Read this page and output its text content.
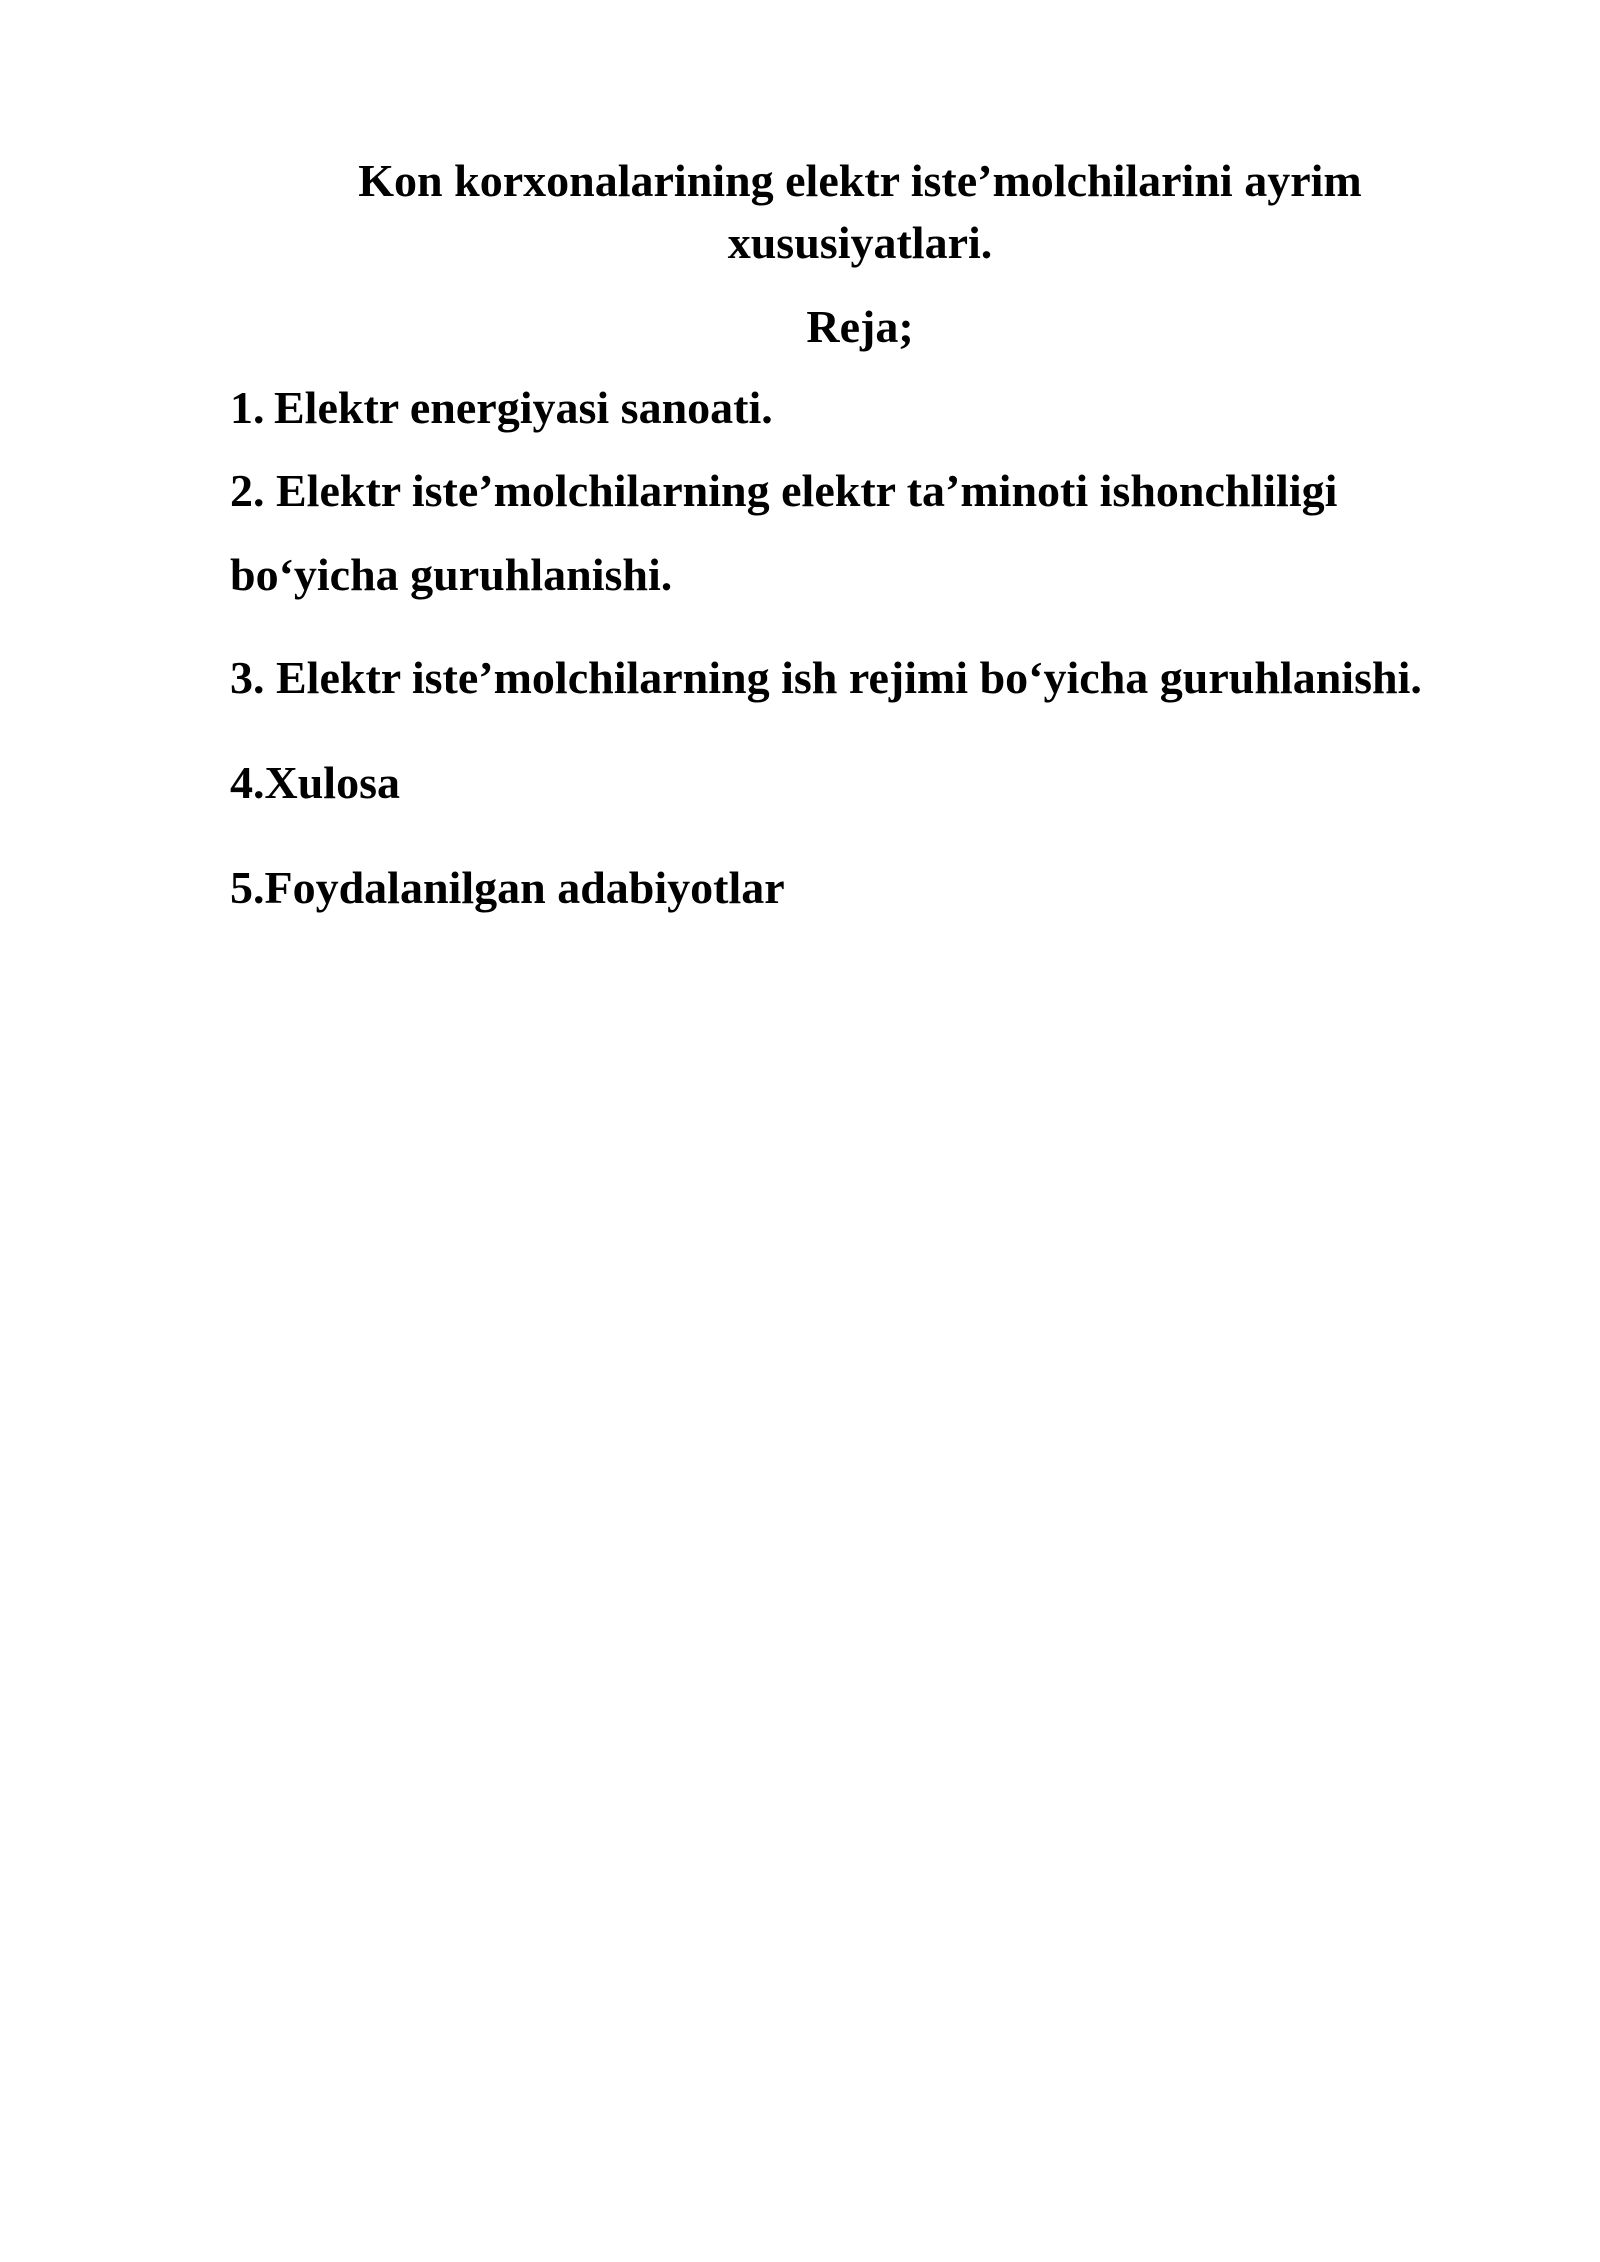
Kon korxonalarining elektr iste’molchilarini ayrim
xususiyatlari.
Reja;

1. Elektr energiyasi sanoati.

2. Elektr iste’molchilarning elektr ta’minoti ishonchliligi

bo‘yicha guruhlanishi.

3. Elektr iste’molchilarning ish rejimi bo‘yicha guruhlanishi.

4.Xulosa

5.Foydalanilgan adabiyotlar
